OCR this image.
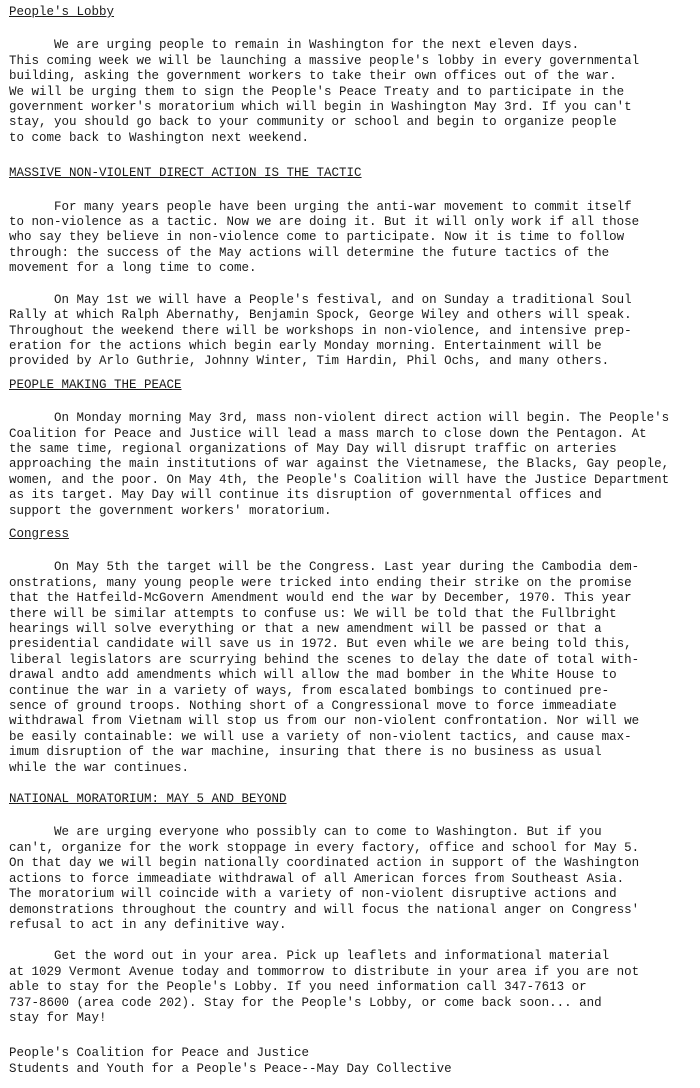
People's Lobby

We are urging people to remain in Washington for the next eleven days.
This coming week we will be launching a massive people's lobby in every governmental
building, asking the government workers to take their own offices out of the war.
We will be urging them to sign the People's Peace Treaty and to participate in the
government worker's moratorium which will begin in Washington May 3rd. If you can't
stay, you should go back to your community or school and begin to organize people
to come back to Washington next weekend.

MASSIVE NON-VIOLENT DIRECT ACTION IS THE TACTIC

For many years people have been urging the anti-war movement to commit itself
to non-violence as a tactic. Now we are doing it. But it will only work if all those
who say they believe in non-violence come to participate. Now it is time to follow
through: the success of the May actions will determine the future tactics of the
movement for a long time to come.

On May 1st we will have a People's festival, and on Sunday a traditional Soul
Rally at which Ralph Abernathy, Benjamin Spock, George Wiley and others will speak.
Throughout the weekend there will be workshops in non-violence, and intensive prep-
eration for the actions which begin early Monday morning. Entertainment will be
provided by Arlo Guthrie, Johnny Winter, Tim Hardin, Phil Ochs, and many others.

PEOPLE MAKING THE PEACE

On Monday morning May 3rd, mass non-violent direct action will begin. The People's
Coalition for Peace and Justice will lead a mass march to close down the Pentagon. At
the same time, regional organizations of May Day will disrupt traffic on arteries
approaching the main institutions of war against the Vietnamese, the Blacks, Gay people,
women, and the poor. On May 4th, the People's Coalition will have the Justice Department
as its target. May Day will continue its disruption of governmental offices and
support the government workers' moratorium.

Congress

On May 5th the target will be the Congress. Last year during the Cambodia dem-
onstrations, many young people were tricked into ending their strike on the promise
that the Hatfeild-McGovern Amendment would end the war by December, 1970. This year
there will be similar attempts to confuse us: We will be told that the Fullbright
hearings will solve everything or that a new amendment will be passed or that a
presidential candidate will save us in 1972. But even while we are being told this,
liberal legislators are scurrying behind the scenes to delay the date of total with-
drawal andto add amendments which will allow the mad bomber in the White House to
continue the war in a variety of ways, from escalated bombings to continued pre-
sence of ground troops. Nothing short of a Congressional move to force immeadiate
withdrawal from Vietnam will stop us from our non-violent confrontation. Nor will we
be easily containable: we will use a variety of non-violent tactics, and cause max-
imum disruption of the war machine, insuring that there is no business as usual
while the war continues.

NATIONAL MORATORIUM: MAY 5 AND BEYOND

We are urging everyone who possibly can to come to Washington. But if you
can't, organize for the work stoppage in every factory, office and school for May 5.
On that day we will begin nationally coordinated action in support of the Washington
actions to force immeadiate withdrawal of all American forces from Southeast Asia.
The moratorium will coincide with a variety of non-violent disruptive actions and
demonstrations throughout the country and will focus the national anger on Congress'
refusal to act in any definitive way.

Get the word out in your area. Pick up leaflets and informational material
at 1029 Vermont Avenue today and tommorrow to distribute in your area if you are not
able to stay for the People's Lobby. If you need information call 347-7613 or
737-8600 (area code 202). Stay for the People's Lobby, or come back soon... and
stay for May!

People's Coalition for Peace and Justice

Students and Youth for a People's Peace--May Day Collective
